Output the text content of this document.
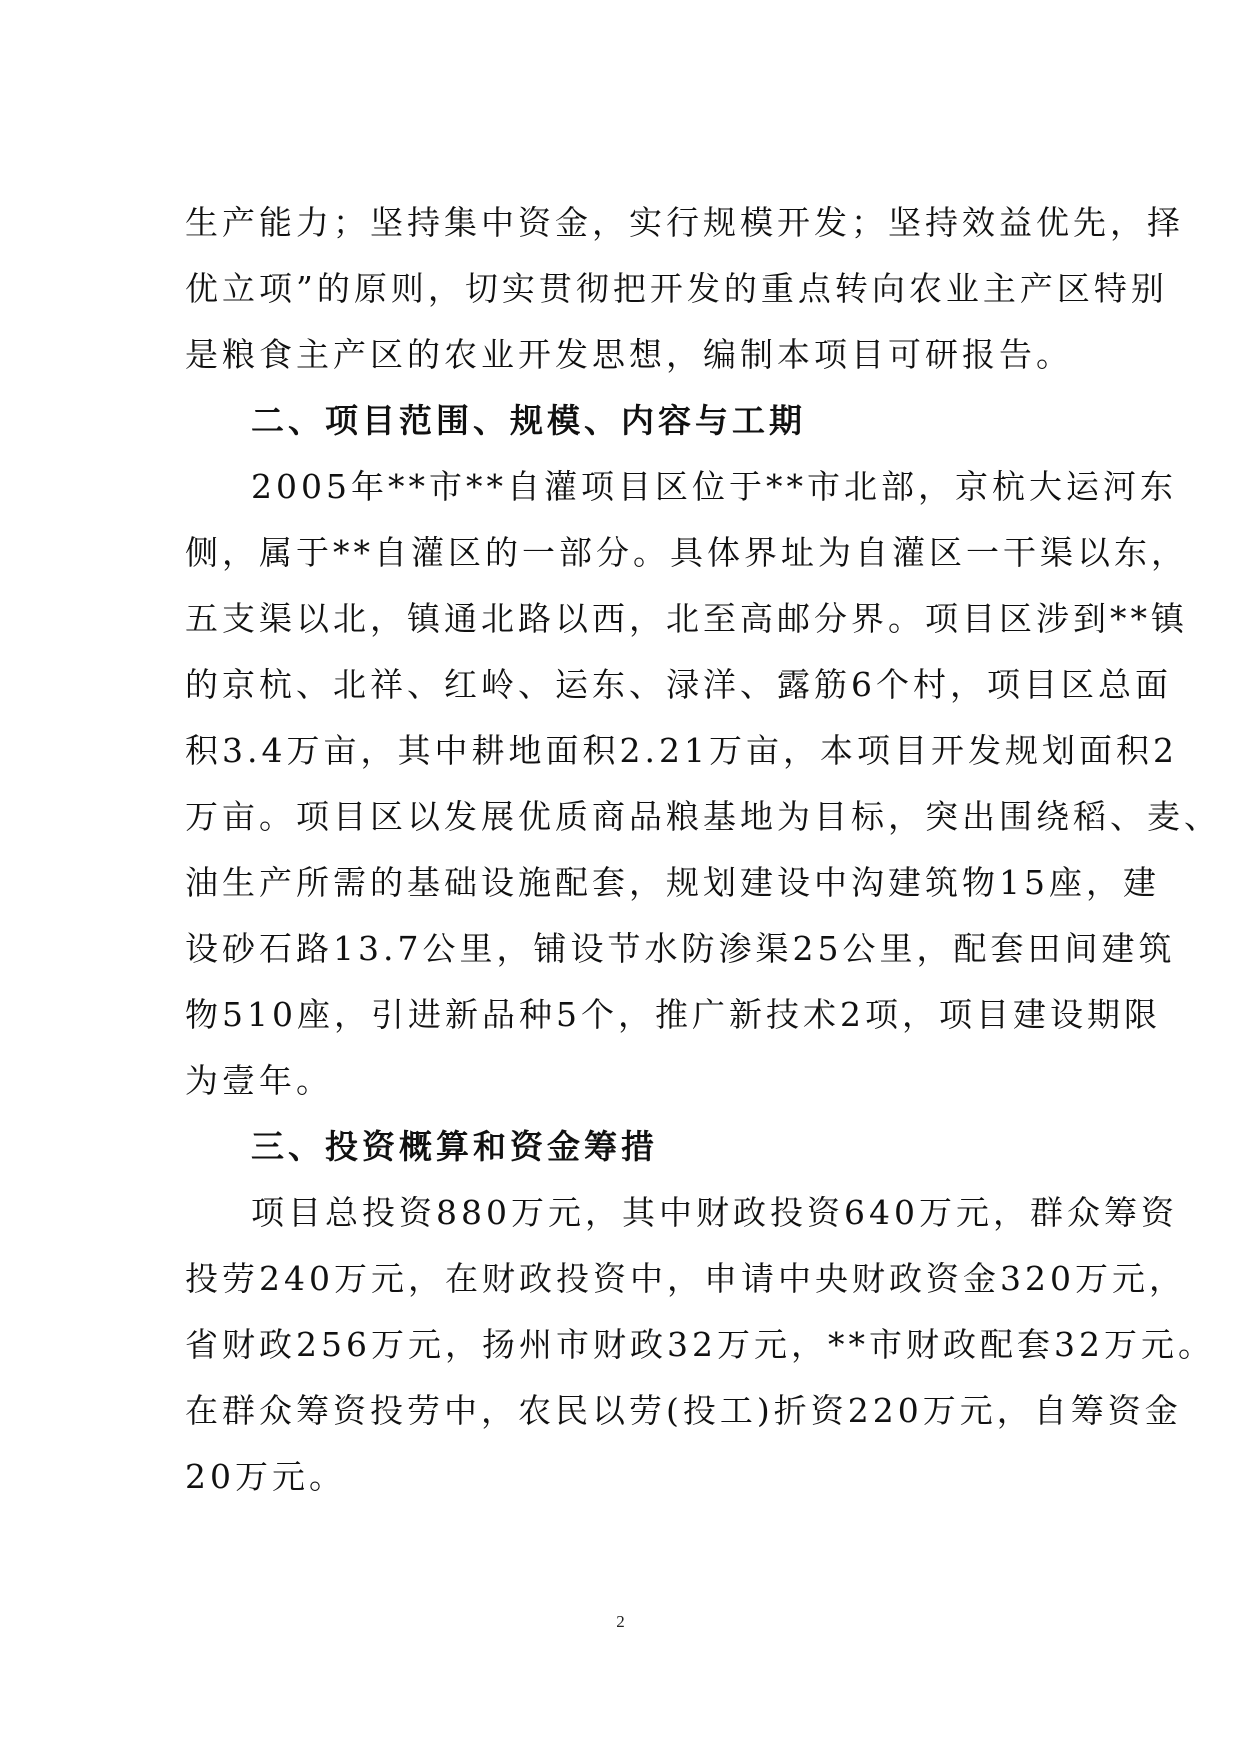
生产能力；坚持集中资金，实行规模开发；坚持效益优先，择
优立项”的原则，切实贯彻把开发的重点转向农业主产区特别
是粮食主产区的农业开发思想，编制本项目可研报告。
二、项目范围、规模、内容与工期
2005年**市**自灌项目区位于**市北部，京杭大运河东
侧，属于**自灌区的一部分。具体界址为自灌区一干渠以东，
五支渠以北，镇通北路以西，北至高邮分界。项目区涉到**镇
的京杭、北祥、红岭、运东、渌洋、露筋6个村，项目区总面
积3.4万亩，其中耕地面积2.21万亩，本项目开发规划面积2
万亩。项目区以发展优质商品粮基地为目标，突出围绕稻、麦、
油生产所需的基础设施配套，规划建设中沟建筑物15座，建
设砂石路13.7公里，铺设节水防渗渠25公里，配套田间建筑
物510座，引进新品种5个，推广新技术2项，项目建设期限
为壹年。
三、投资概算和资金筹措
项目总投资880万元，其中财政投资640万元，群众筹资
投劳240万元，在财政投资中，申请中央财政资金320万元，
省财政256万元，扬州市财政32万元，**市财政配套32万元。
在群众筹资投劳中，农民以劳(投工)折资220万元，自筹资金
20万元。
2
